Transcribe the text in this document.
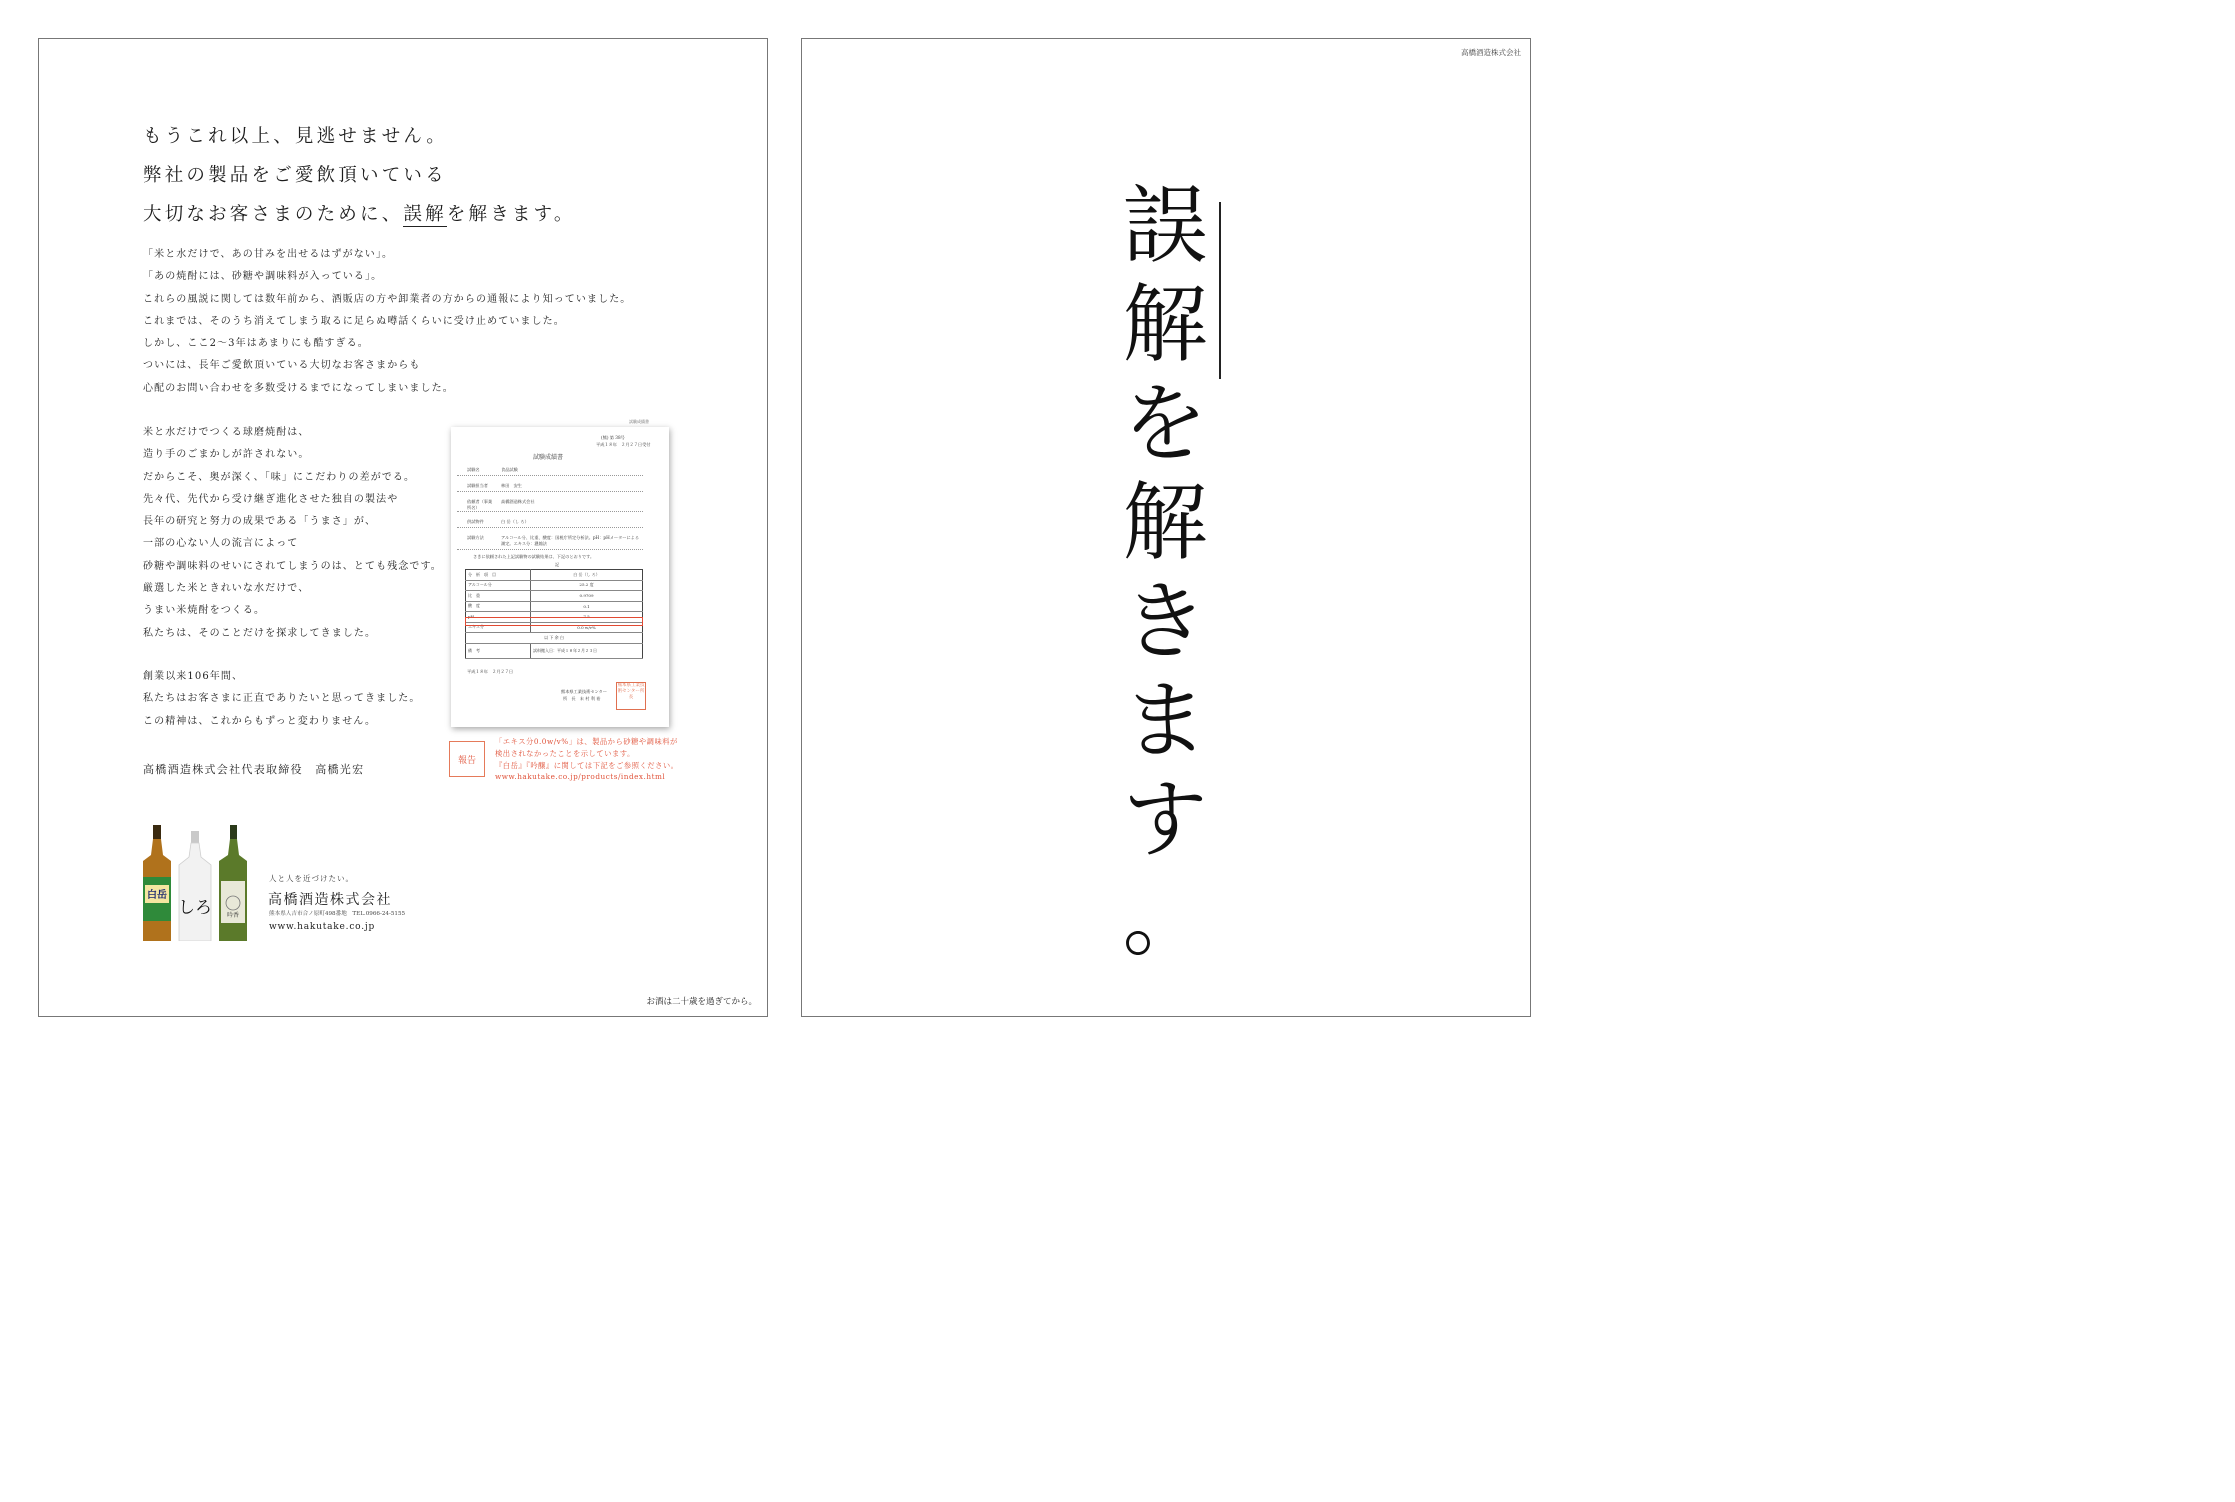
もうこれ以上、見逃せません。
弊社の製品をご愛飲頂いている
大切なお客さまのために、誤解を解きます。
「米と水だけで、あの甘みを出せるはずがない」。
「あの焼酎には、砂糖や調味料が入っている」。
これらの風説に関しては数年前から、酒販店の方や卸業者の方からの通報により知っていました。
これまでは、そのうち消えてしまう取るに足らぬ噂話くらいに受け止めていました。
しかし、ここ2〜3年はあまりにも酷すぎる。
ついには、長年ご愛飲頂いている大切なお客さまからも
心配のお問い合わせを多数受けるまでになってしまいました。
米と水だけでつくる球磨焼酎は、
造り手のごまかしが許されない。
だからこそ、奥が深く、「味」にこだわりの差がでる。
先々代、先代から受け継ぎ進化させた独自の製法や
長年の研究と努力の成果である「うまさ」が、
一部の心ない人の流言によって
砂糖や調味料のせいにされてしまうのは、とても残念です。
厳選した米ときれいな水だけで、
うまい米焼酎をつくる。
私たちは、そのことだけを探求してきました。
創業以来106年間、
私たちはお客さまに正直でありたいと思ってきました。
この精神は、これからもずっと変わりません。
高橋酒造株式会社代表取締役　高橋光宏
試験成績書
(熊) 第 38号
平成１８年　２月２７日受付
試験成績書
試験名	食品試験
試験担当者	林田　安生
依頼者（事業所名）
高橋酒造株式会社
供試物件	白 岳（し ろ）
試験方法	アルコール分、比重、酸度：国税庁所定分析法。pH：pHメーターによる測定。エキス分：濃縮法
さきに依頼された上記試験物の試験結果は、下記のとおりです。
記
分　析　項　目	白 岳（し ろ）
アルコール分	25.2 度
比　重	0.9709
酸　度	0.1
pH	7.5
エキス分	0.0 w/v%
以 下 余 白	
備　考	試料搬入日：平成１８年２月２３日
平成１８年　２月２７日
熊本県工業技術センター
所　長　末 村 利 裕
熊本県工業技術センター所長
報告
「エキス分0.0w/v%」は、製品から砂糖や調味料が
検出されなかったことを示しています。
『白岳』『吟醸』に関しては下記をご参照ください。
www.hakutake.co.jp/products/index.html
白岳
しろ 吟香
人と人を近づけたい。
高橋酒造株式会社
熊本県人吉市合ノ原町498番地　TEL.0966-24-5155
www.hakutake.co.jp
お酒は二十歳を過ぎてから。
高橋酒造株式会社
誤
解
を
解
き
ま
す
。
